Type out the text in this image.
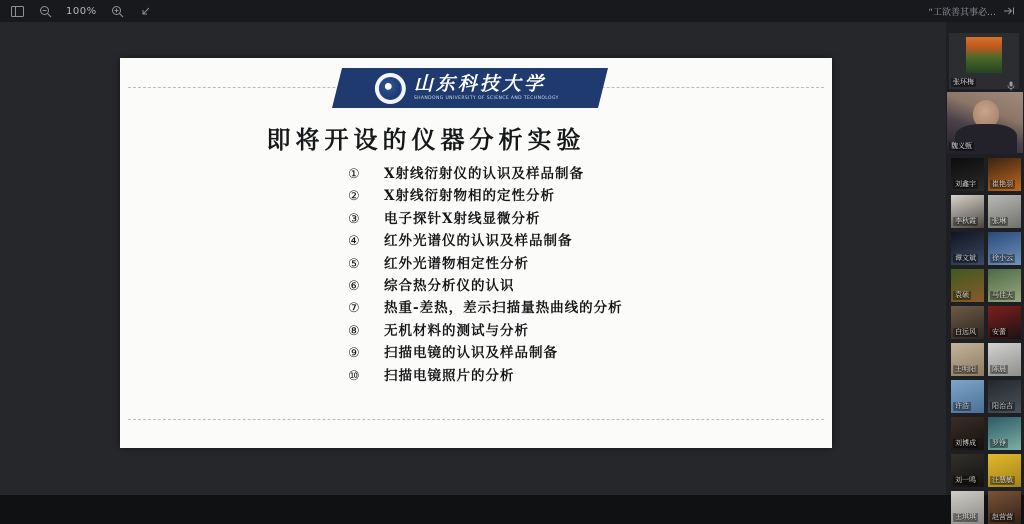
100%	“工欲善其事必…
山东科技大学
SHANDONG UNIVERSITY OF SCIENCE AND TECHNOLOGY
即将开设的仪器分析实验
①	X射线衍射仪的认识及样品制备
②	X射线衍射物相的定性分析
③	电子探针X射线显微分析
④	红外光谱仪的认识及样品制备
⑤	红外光谱物相定性分析
⑥	综合热分析仪的认识
⑦	热重-差热，差示扫描量热曲线的分析
⑧	无机材料的测试与分析
⑨	扫描电镜的认识及样品制备
⑩	扫描电镜照片的分析
张环梅
魏义甄
刘鑫宇 崔艳羽
李秋霞 张琳
谭文斌 徐小云
袁硕	马佳天
白远风 安蕾
王明阳 陈晨
许浩	阳治吉
刘博成 罗铮
刘一鸣 汪慧敏
王琪琪 赵营营
